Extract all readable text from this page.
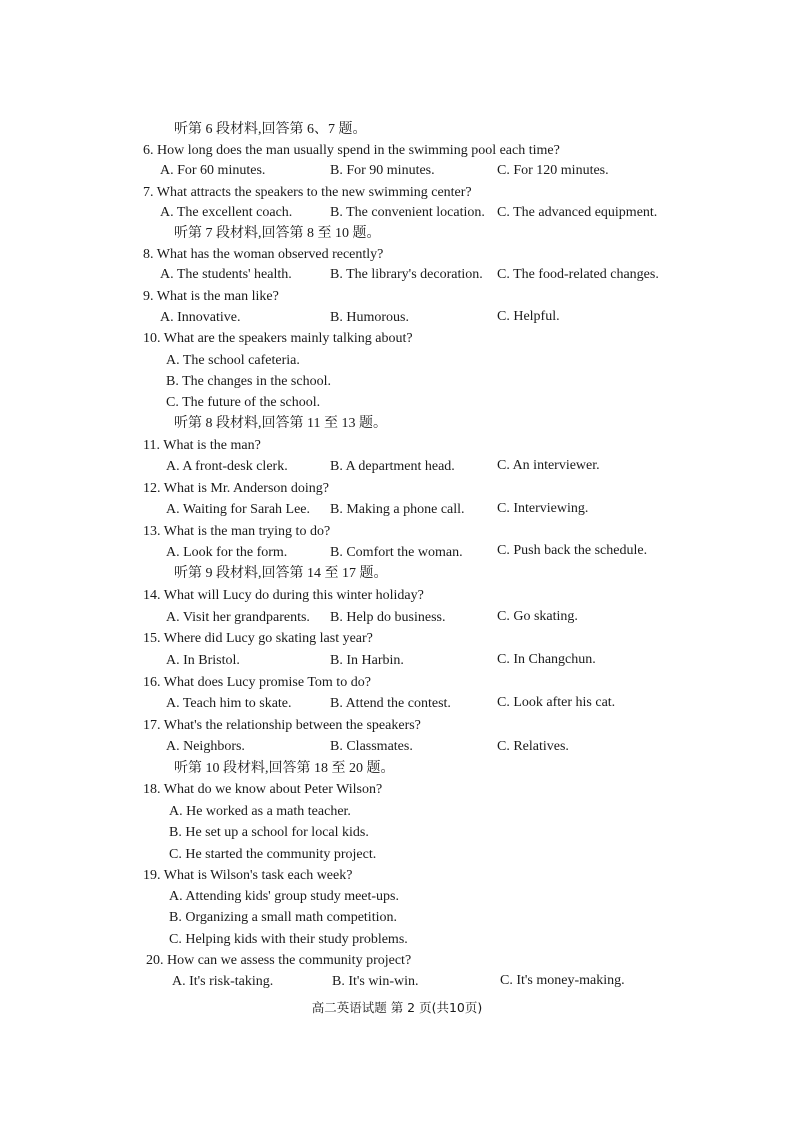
听第 6 段材料,回答第 6、7 题。
6. How long does the man usually spend in the swimming pool each time?
A. For 60 minutes.	B. For 90 minutes.	C. For 120 minutes.
7. What attracts the speakers to the new swimming center?
A. The excellent coach.	B. The convenient location. C. The advanced equipment.
听第 7 段材料,回答第 8 至 10 题。
8. What has the woman observed recently?
A. The students' health.	B. The library's decoration. C. The food-related changes.
9. What is the man like?
A. Innovative.	B. Humorous.	C. Helpful.
10. What are the speakers mainly talking about?
A. The school cafeteria.
B. The changes in the school.
C. The future of the school.
听第 8 段材料,回答第 11 至 13 题。
11. What is the man?
A. A front-desk clerk.	B. A department head.	C. An interviewer.
12. What is Mr. Anderson doing?
A. Waiting for Sarah Lee. B. Making a phone call. C. Interviewing.
13. What is the man trying to do?
A. Look for the form.	B. Comfort the woman. C. Push back the schedule.
听第 9 段材料,回答第 14 至 17 题。
14. What will Lucy do during this winter holiday?
A. Visit her grandparents. B. Help do business.	C. Go skating.
15. Where did Lucy go skating last year?
A. In Bristol.	B. In Harbin.	C. In Changchun.
16. What does Lucy promise Tom to do?
A. Teach him to skate.	B. Attend the contest.	C. Look after his cat.
17. What's the relationship between the speakers?
A. Neighbors.	B. Classmates.	C. Relatives.
听第 10 段材料,回答第 18 至 20 题。
18. What do we know about Peter Wilson?
A. He worked as a math teacher.
B. He set up a school for local kids.
C. He started the community project.
19. What is Wilson's task each week?
A. Attending kids' group study meet-ups.
B. Organizing a small math competition.
C. Helping kids with their study problems.
20. How can we assess the community project?
A. It's risk-taking.	B. It's win-win.	C. It's money-making.
高二英语试题 第 2 页(共10页)
